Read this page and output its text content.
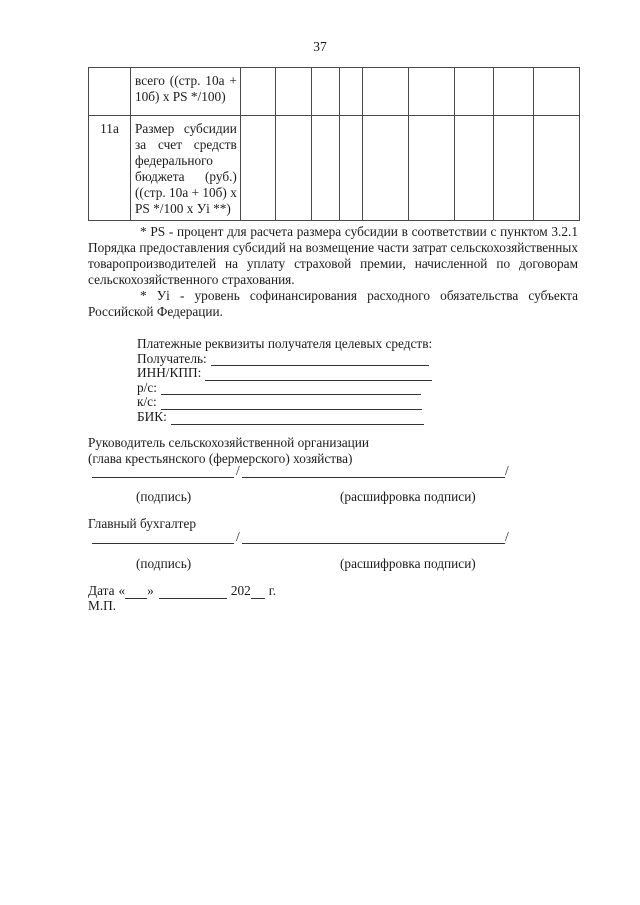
37

	всего ((стр. 10а +
10б) х PS */100)									

11а	Размер субсидии
за счет средств
федерального
бюджета (руб.)
((стр. 10а + 10б) х
PS */100 х Уi **)

* PS - процент для расчета размера субсидии в соответствии с пунктом 3.2.1
Порядка предоставления субсидий на возмещение части затрат сельскохозяйственных
товаропроизводителей на уплату страховой премии, начисленной по договорам
сельскохозяйственного страхования.
* Уi - уровень софинансирования расходного обязательства субъекта
Российской Федерации.
Платежные реквизиты получателя целевых средств:
Получатель:
ИНН/КПП:
р/с:
к/с:
БИК:
Руководитель сельскохозяйственной организации
(глава крестьянского (фермерского) хозяйства)
/	/
(подпись)	(расшифровка подписи)
Главный бухгалтер
/	/
(подпись)	(расшифровка подписи)
Дата « »	202 г.
М.П.
